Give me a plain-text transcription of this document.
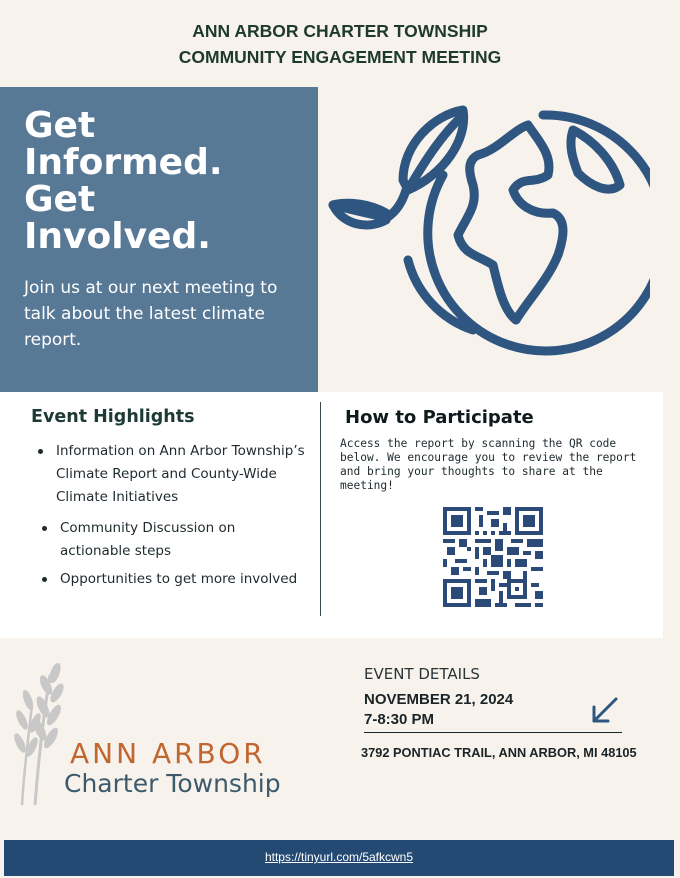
ANN ARBOR CHARTER TOWNSHIP
COMMUNITY ENGAGEMENT MEETING
Get
Informed.
Get
Involved.
Join us at our next meeting to talk about the latest climate report.
Event Highlights
Information on Ann Arbor Township’s Climate Report and County-Wide Climate Initiatives
Community Discussion on actionable steps
Opportunities to get more involved
How to Participate
Access the report by scanning the QR code below. We encourage you to review the report and bring your thoughts to share at the meeting!
ANN ARBOR
Charter Township
EVENT DETAILS
NOVEMBER 21, 2024
7-8:30 PM
3792 PONTIAC TRAIL, ANN ARBOR, MI 48105
https://tinyurl.com/5afkcwn5
